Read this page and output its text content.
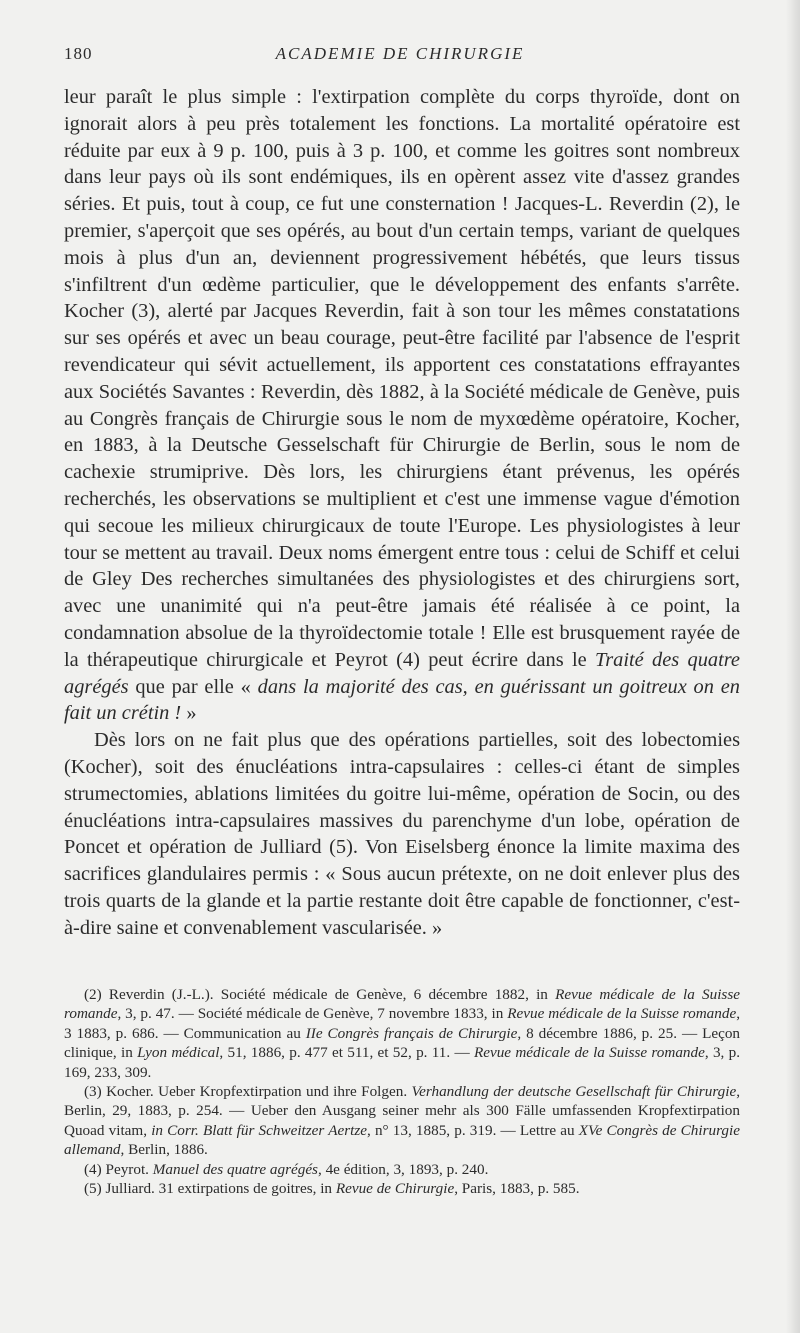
180	ACADEMIE DE CHIRURGIE

leur paraît le plus simple : l'extirpation complète du corps thyroïde, dont on ignorait alors à peu près totalement les fonctions. La mortalité opératoire est réduite par eux à 9 p. 100, puis à 3 p. 100, et comme les goitres sont nombreux dans leur pays où ils sont endémiques, ils en opèrent assez vite d'assez grandes séries. Et puis, tout à coup, ce fut une consternation ! Jacques-L. Reverdin (2), le premier, s'aperçoit que ses opérés, au bout d'un certain temps, variant de quelques mois à plus d'un an, deviennent progressivement hébétés, que leurs tissus s'infiltrent d'un œdème particulier, que le développement des enfants s'arrête. Kocher (3), alerté par Jacques Reverdin, fait à son tour les mêmes constatations sur ses opérés et avec un beau courage, peut-être facilité par l'absence de l'esprit revendicateur qui sévit actuellement, ils apportent ces constatations effrayantes aux Sociétés Savantes : Reverdin, dès 1882, à la Société médicale de Genève, puis au Congrès français de Chirurgie sous le nom de myxœdème opératoire, Kocher, en 1883, à la Deutsche Gesselschaft für Chirurgie de Berlin, sous le nom de cachexie strumiprive. Dès lors, les chirurgiens étant prévenus, les opérés recherchés, les observations se multiplient et c'est une immense vague d'émotion qui secoue les milieux chirurgicaux de toute l'Europe. Les physiologistes à leur tour se mettent au travail. Deux noms émergent entre tous : celui de Schiff et celui de Gley Des recherches simultanées des physiologistes et des chirurgiens sort, avec une unanimité qui n'a peut-être jamais été réalisée à ce point, la condamnation absolue de la thyroïdectomie totale ! Elle est brusquement rayée de la thérapeutique chirurgicale et Peyrot (4) peut écrire dans le Traité des quatre agrégés que par elle « dans la majorité des cas, en guérissant un goitreux on en fait un crétin ! »

Dès lors on ne fait plus que des opérations partielles, soit des lobectomies (Kocher), soit des énucléations intra-capsulaires : celles-ci étant de simples strumectomies, ablations limitées du goitre lui-même, opération de Socin, ou des énucléations intra-capsulaires massives du parenchyme d'un lobe, opération de Poncet et opération de Julliard (5). Von Eiselsberg énonce la limite maxima des sacrifices glandulaires permis : « Sous aucun prétexte, on ne doit enlever plus des trois quarts de la glande et la partie restante doit être capable de fonctionner, c'est-à-dire saine et convenablement vascularisée. »

(2) Reverdin (J.-L.). Société médicale de Genève, 6 décembre 1882, in Revue médicale de la Suisse romande, 3, p. 47. — Société médicale de Genève, 7 novembre 1833, in Revue médicale de la Suisse romande, 3 1883, p. 686. — Communication au IIe Congrès français de Chirurgie, 8 décembre 1886, p. 25. — Leçon clinique, in Lyon médical, 51, 1886, p. 477 et 511, et 52, p. 11. — Revue médicale de la Suisse romande, 3, p. 169, 233, 309.

(3) Kocher. Ueber Kropfextirpation und ihre Folgen. Verhandlung der deutsche Gesellschaft für Chirurgie, Berlin, 29, 1883, p. 254. — Ueber den Ausgang seiner mehr als 300 Fälle umfassenden Kropfextirpation Quoad vitam, in Corr. Blatt für Schweitzer Aertze, n° 13, 1885, p. 319. — Lettre au XVe Congrès de Chirurgie allemand, Berlin, 1886.

(4) Peyrot. Manuel des quatre agrégés, 4e édition, 3, 1893, p. 240.

(5) Julliard. 31 extirpations de goitres, in Revue de Chirurgie, Paris, 1883, p. 585.
